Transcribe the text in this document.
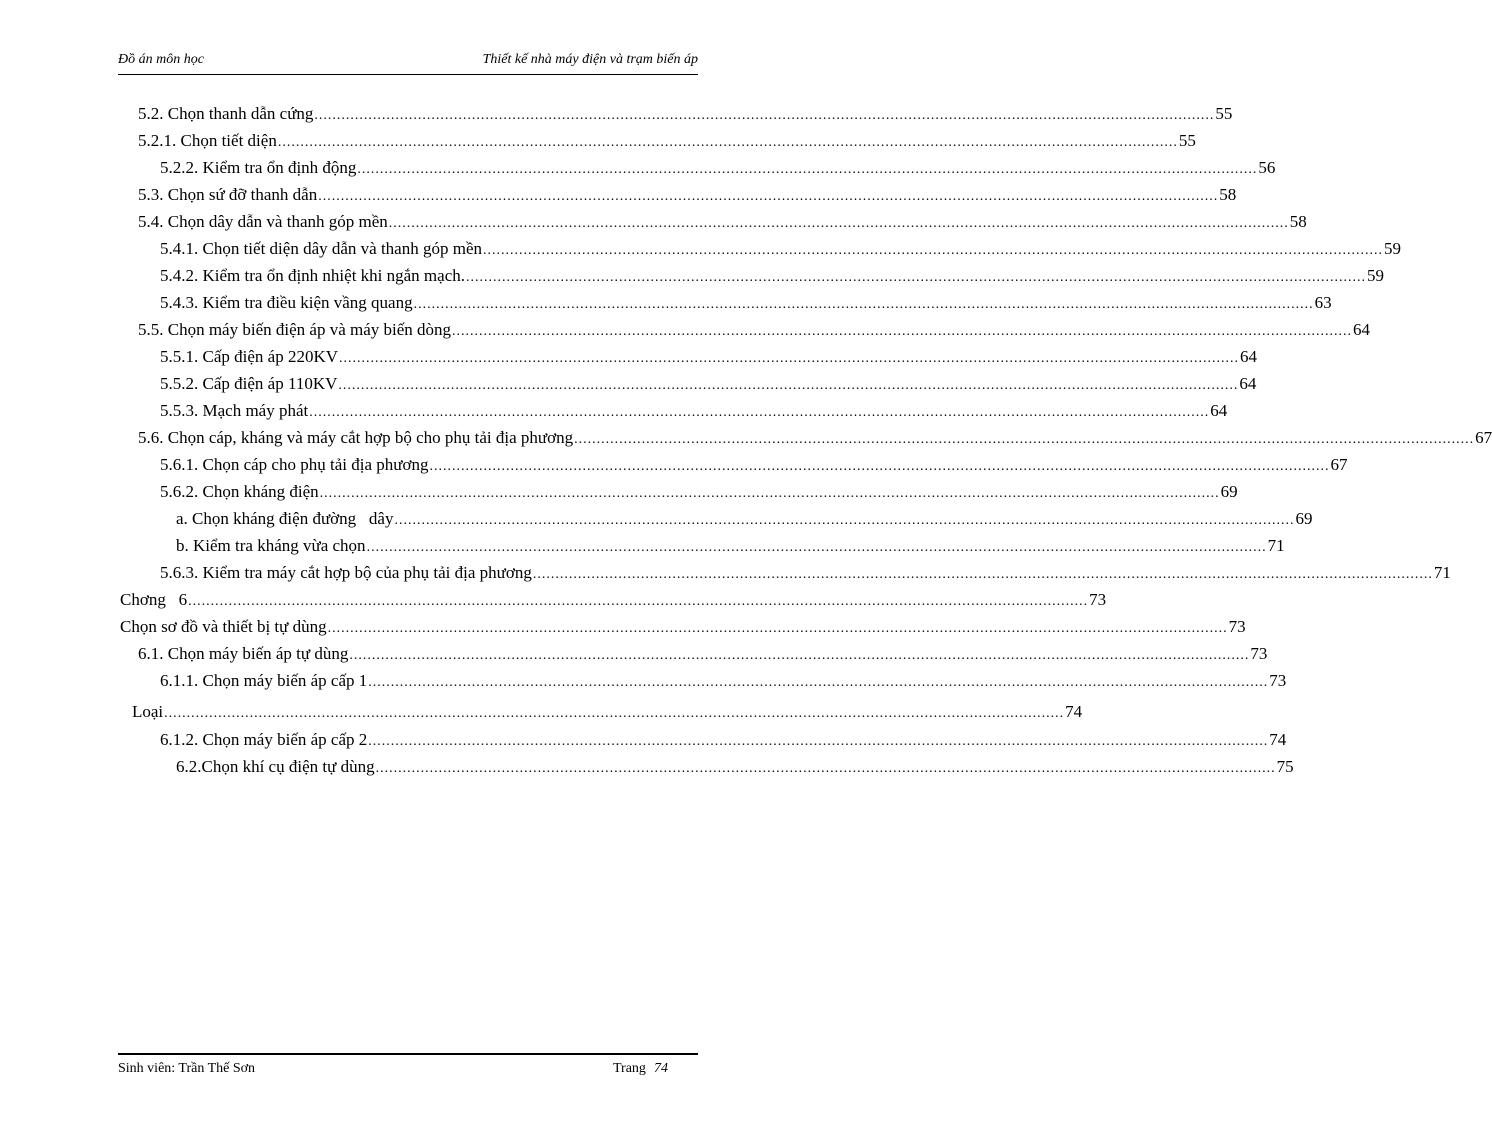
Đồ án môn học	Thiết kế nhà máy điện và trạm biến áp
5.2. Chọn thanh dẫn cứng ........................................................................................................................................................................................................ 55
5.2.1. Chọn tiết diện ........................................................................................................................................................................................................ 55
5.2.2. Kiểm tra ổn định động ........................................................................................................................................................................................................ 56
5.3. Chọn sứ đỡ thanh dẫn ........................................................................................................................................................................................................ 58
5.4. Chọn dây dẫn và thanh góp mền ........................................................................................................................................................................................................ 58
5.4.1. Chọn tiết diện dây dẫn và thanh góp mền ........................................................................................................................................................................................................ 59
5.4.2. Kiểm tra ổn định nhiệt khi ngắn mạch. ........................................................................................................................................................................................................ 59
5.4.3. Kiểm tra điều kiện vầng quang ........................................................................................................................................................................................................ 63
5.5. Chọn máy biến điện áp và máy biến dòng ........................................................................................................................................................................................................ 64
5.5.1. Cấp điện áp 220KV ........................................................................................................................................................................................................ 64
5.5.2. Cấp điện áp 110KV ........................................................................................................................................................................................................ 64
5.5.3. Mạch máy phát ........................................................................................................................................................................................................ 64
5.6. Chọn cáp, kháng và máy cắt hợp bộ cho phụ tải địa phương ........................................................................................................................................................................................................ 67
5.6.1. Chọn cáp cho phụ tải địa phương ........................................................................................................................................................................................................ 67
5.6.2. Chọn kháng điện ........................................................................................................................................................................................................ 69
a. Chọn kháng điện đường   dây ........................................................................................................................................................................................................ 69
b. Kiểm tra kháng vừa chọn ........................................................................................................................................................................................................ 71
5.6.3. Kiểm tra máy cắt hợp bộ của phụ tải địa phương ........................................................................................................................................................................................................ 71
Chơng   6 ........................................................................................................................................................................................................ 73
Chọn sơ đồ và thiết bị tự dùng ........................................................................................................................................................................................................ 73
6.1. Chọn máy biến áp tự dùng ........................................................................................................................................................................................................ 73
6.1.1. Chọn máy biến áp cấp 1 ........................................................................................................................................................................................................ 73
Loại ........................................................................................................................................................................................................ 74
6.1.2. Chọn máy biến áp cấp 2 ........................................................................................................................................................................................................ 74
6.2.Chọn khí cụ điện tự dùng ........................................................................................................................................................................................................ 75
Sinh viên: Trần Thế Sơn	Trang 74
